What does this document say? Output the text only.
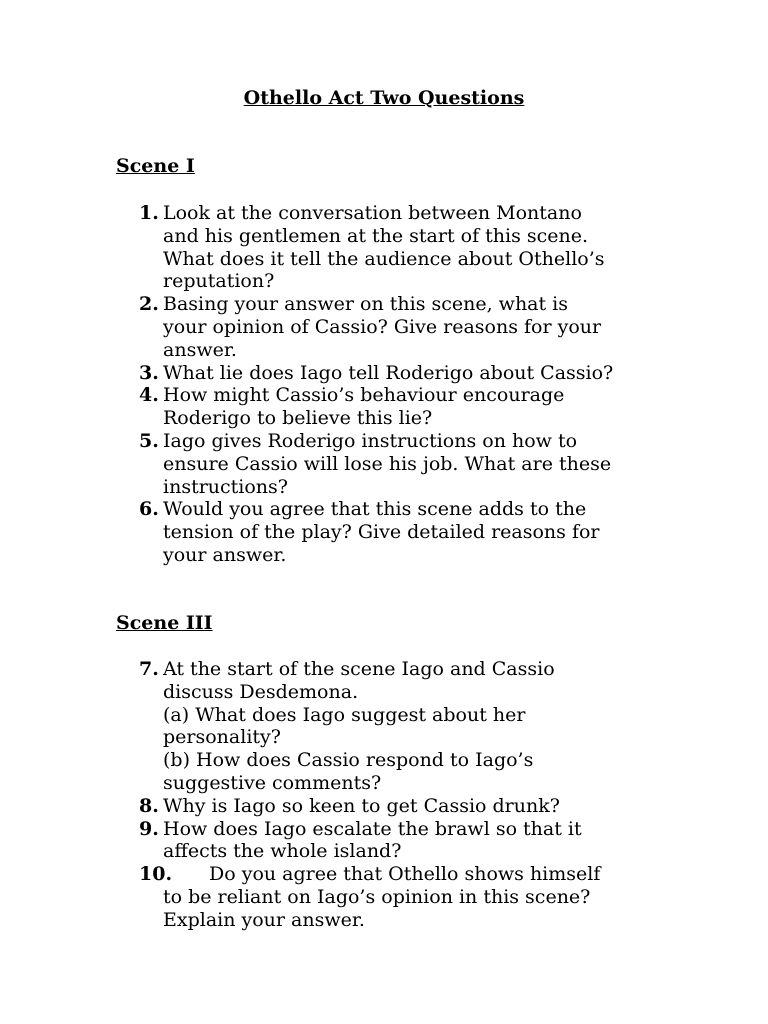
Othello Act Two Questions
Scene I
1. Look at the conversation between Montano
and his gentlemen at the start of this scene.
What does it tell the audience about Othello’s
reputation?
2. Basing your answer on this scene, what is
your opinion of Cassio? Give reasons for your
answer.
3. What lie does Iago tell Roderigo about Cassio?
4. How might Cassio’s behaviour encourage
Roderigo to believe this lie?
5. Iago gives Roderigo instructions on how to
ensure Cassio will lose his job. What are these
instructions?
6. Would you agree that this scene adds to the
tension of the play? Give detailed reasons for
your answer.
Scene III
7. At the start of the scene Iago and Cassio
discuss Desdemona.
(a) What does Iago suggest about her
personality?
(b) How does Cassio respond to Iago’s
suggestive comments?
8. Why is Iago so keen to get Cassio drunk?
9. How does Iago escalate the brawl so that it
affects the whole island?
10.	Do you agree that Othello shows himself
to be reliant on Iago’s opinion in this scene?
Explain your answer.
